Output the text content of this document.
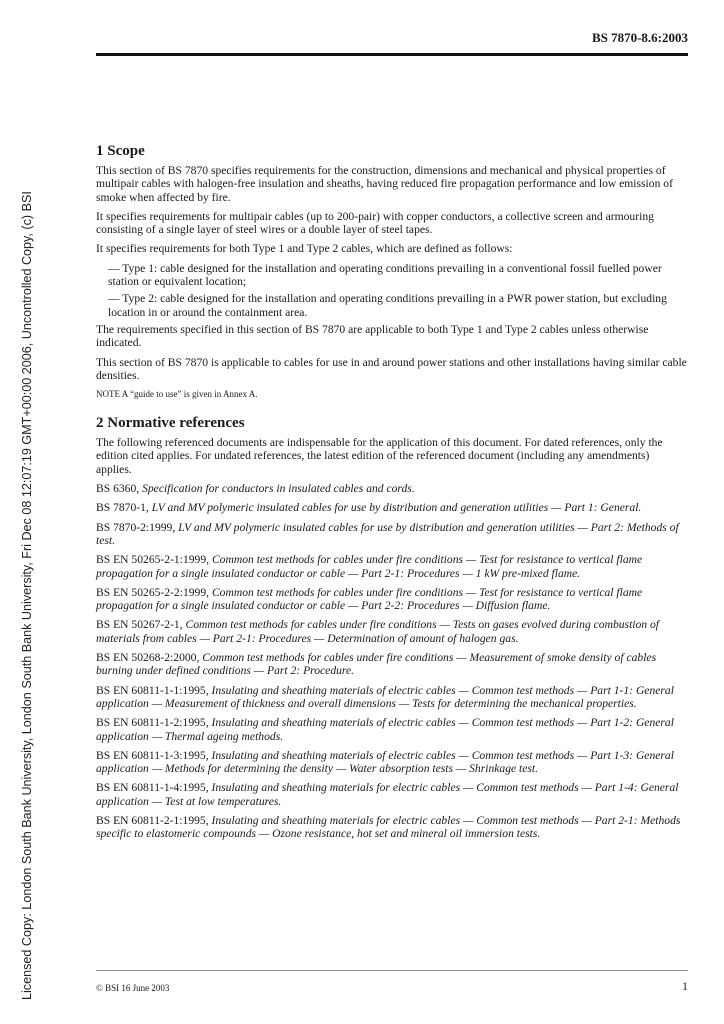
Licensed Copy: London South Bank University, London South Bank University, Fri Dec 08 12:07:19 GMT+00:00 2006, Uncontrolled Copy, (c) BSI
BS 7870-8.6:2003
1 Scope

This section of BS 7870 specifies requirements for the construction, dimensions and mechanical and physical properties of multipair cables with halogen-free insulation and sheaths, having reduced fire propagation performance and low emission of smoke when affected by fire.

It specifies requirements for multipair cables (up to 200-pair) with copper conductors, a collective screen and armouring consisting of a single layer of steel wires or a double layer of steel tapes.

It specifies requirements for both Type 1 and Type 2 cables, which are defined as follows:

— Type 1: cable designed for the installation and operating conditions prevailing in a conventional fossil fuelled power station or equivalent location;

— Type 2: cable designed for the installation and operating conditions prevailing in a PWR power station, but excluding location in or around the containment area.

The requirements specified in this section of BS 7870 are applicable to both Type 1 and Type 2 cables unless otherwise indicated.

This section of BS 7870 is applicable to cables for use in and around power stations and other installations having similar cable densities.

NOTE A “guide to use” is given in Annex A.

2 Normative references

The following referenced documents are indispensable for the application of this document. For dated references, only the edition cited applies. For undated references, the latest edition of the referenced document (including any amendments) applies.

BS 6360, Specification for conductors in insulated cables and cords.

BS 7870-1, LV and MV polymeric insulated cables for use by distribution and generation utilities — Part 1: General.

BS 7870-2:1999, LV and MV polymeric insulated cables for use by distribution and generation utilities — Part 2: Methods of test.

BS EN 50265-2-1:1999, Common test methods for cables under fire conditions — Test for resistance to vertical flame propagation for a single insulated conductor or cable — Part 2-1: Procedures — 1 kW pre-mixed flame.

BS EN 50265-2-2:1999, Common test methods for cables under fire conditions — Test for resistance to vertical flame propagation for a single insulated conductor or cable — Part 2-2: Procedures — Diffusion flame.

BS EN 50267-2-1, Common test methods for cables under fire conditions — Tests on gases evolved during combustion of materials from cables — Part 2-1: Procedures — Determination of amount of halogen gas.

BS EN 50268-2:2000, Common test methods for cables under fire conditions — Measurement of smoke density of cables burning under defined conditions — Part 2: Procedure.

BS EN 60811-1-1:1995, Insulating and sheathing materials of electric cables — Common test methods — Part 1-1: General application — Measurement of thickness and overall dimensions — Tests for determining the mechanical properties.

BS EN 60811-1-2:1995, Insulating and sheathing materials of electric cables — Common test methods — Part 1-2: General application — Thermal ageing methods.

BS EN 60811-1-3:1995, Insulating and sheathing materials of electric cables — Common test methods — Part 1-3: General application — Methods for determining the density — Water absorption tests — Shrinkage test.

BS EN 60811-1-4:1995, Insulating and sheathing materials for electric cables — Common test methods — Part 1-4: General application — Test at low temperatures.

BS EN 60811-2-1:1995, Insulating and sheathing materials for electric cables — Common test methods — Part 2-1: Methods specific to elastomeric compounds — Ozone resistance, hot set and mineral oil immersion tests.

© BSI 16 June 2003	1
